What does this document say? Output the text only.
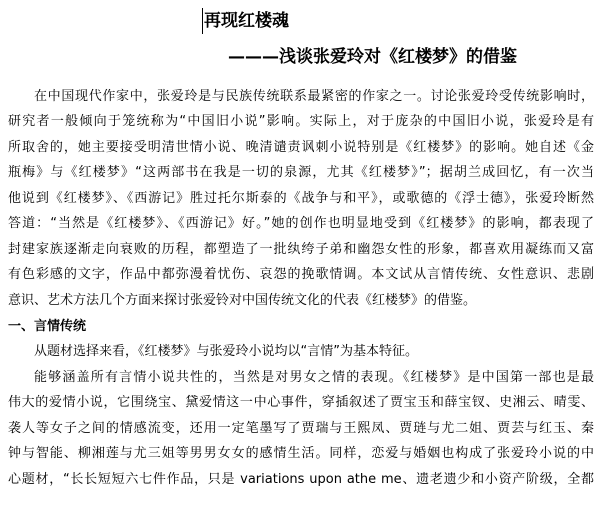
再现红楼魂
———浅谈张爱玲对《红楼梦》的借鉴
在中国现代作家中，张爱玲是与民族传统联系最紧密的作家之一。讨论张爱玲受传统影响时，
研究者一般倾向于笼统称为“中国旧小说”影响。实际上，对于庞杂的中国旧小说，张爱玲是有
所取舍的，她主要接受明清世情小说、晚清谴责讽刺小说特别是《红楼梦》的影响。她自述《金
瓶梅》与《红楼梦》“这两部书在我是一切的泉源，尤其《红楼梦》”；据胡兰成回忆，有一次当
他说到《红楼梦》、《西游记》胜过托尔斯泰的《战争与和平》，或歌德的《浮士德》，张爱玲断然
答道：“当然是《红楼梦》、《西游记》好。”她的创作也明显地受到《红楼梦》的影响，都表现了
封建家族逐渐走向衰败的历程，都塑造了一批纨绔子弟和幽怨女性的形象，都喜欢用凝练而又富
有色彩感的文字，作品中都弥漫着忧伤、哀怨的挽歌情调。本文试从言情传统、女性意识、悲剧
意识、艺术方法几个方面来探讨张爱铃对中国传统文化的代表《红楼梦》的借鉴。
一、言情传统
从题材选择来看，《红楼梦》与张爱玲小说均以“言情”为基本特征。
能够涵盖所有言情小说共性的，当然是对男女之情的表现。《红楼梦》是中国第一部也是最
伟大的爱情小说，它围绕宝、黛爱情这一中心事件，穿插叙述了贾宝玉和薛宝钗、史湘云、晴雯、
袭人等女子之间的情感流变，还用一定笔墨写了贾瑞与王熙凤、贾琏与尤二姐、贾芸与红玉、秦
钟与智能、柳湘莲与尤三姐等男男女女的感情生活。同样，恋爱与婚姻也构成了张爱玲小说的中
心题材，“长长短短六七件作品，只是 variations upon athe me、遗老遗少和小资产阶级，全都
